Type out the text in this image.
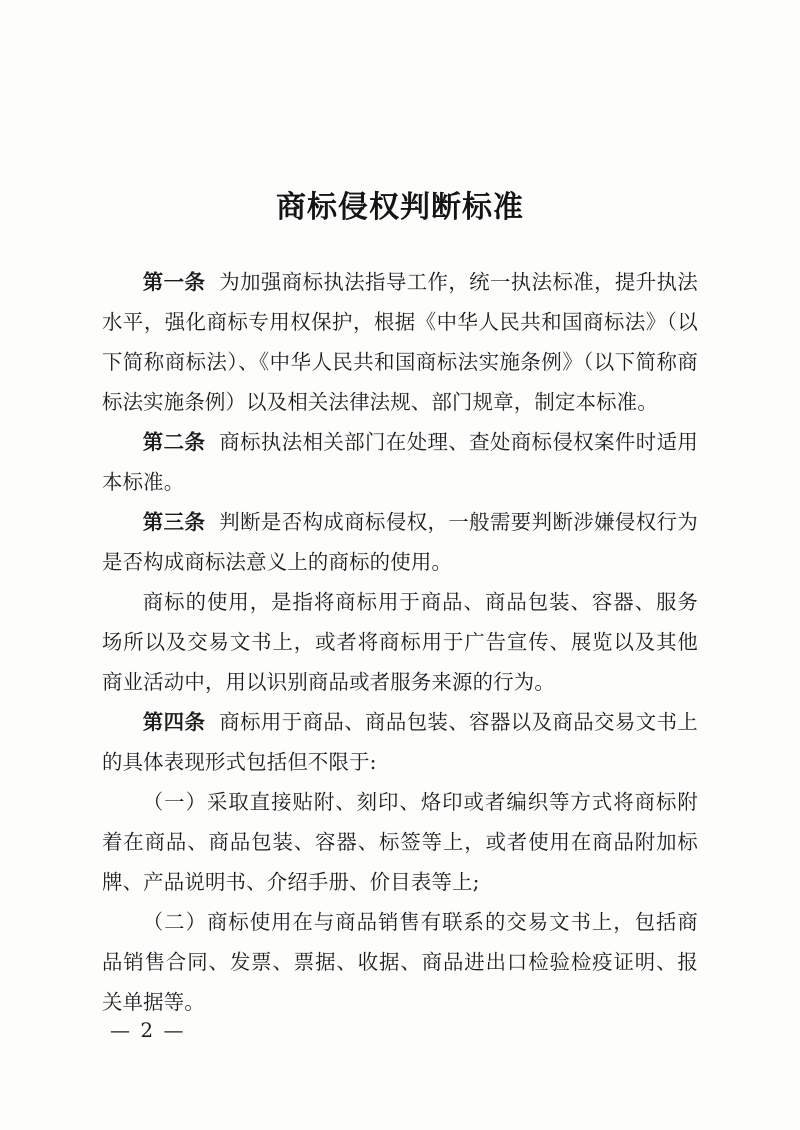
商标侵权判断标准

第一条 为加强商标执法指导工作，统一执法标准，提升执法水平，强化商标专用权保护，根据《中华人民共和国商标法》（以下简称商标法）、《中华人民共和国商标法实施条例》（以下简称商标法实施条例）以及相关法律法规、部门规章，制定本标准。

第二条 商标执法相关部门在处理、查处商标侵权案件时适用本标准。

第三条 判断是否构成商标侵权，一般需要判断涉嫌侵权行为是否构成商标法意义上的商标的使用。

商标的使用，是指将商标用于商品、商品包装、容器、服务场所以及交易文书上，或者将商标用于广告宣传、展览以及其他商业活动中，用以识别商品或者服务来源的行为。

第四条 商标用于商品、商品包装、容器以及商品交易文书上的具体表现形式包括但不限于:

（一）采取直接贴附、刻印、烙印或者编织等方式将商标附着在商品、商品包装、容器、标签等上，或者使用在商品附加标牌、产品说明书、介绍手册、价目表等上;

（二）商标使用在与商品销售有联系的交易文书上，包括商品销售合同、发票、票据、收据、商品进出口检验检疫证明、报关单据等。

— 2 —
